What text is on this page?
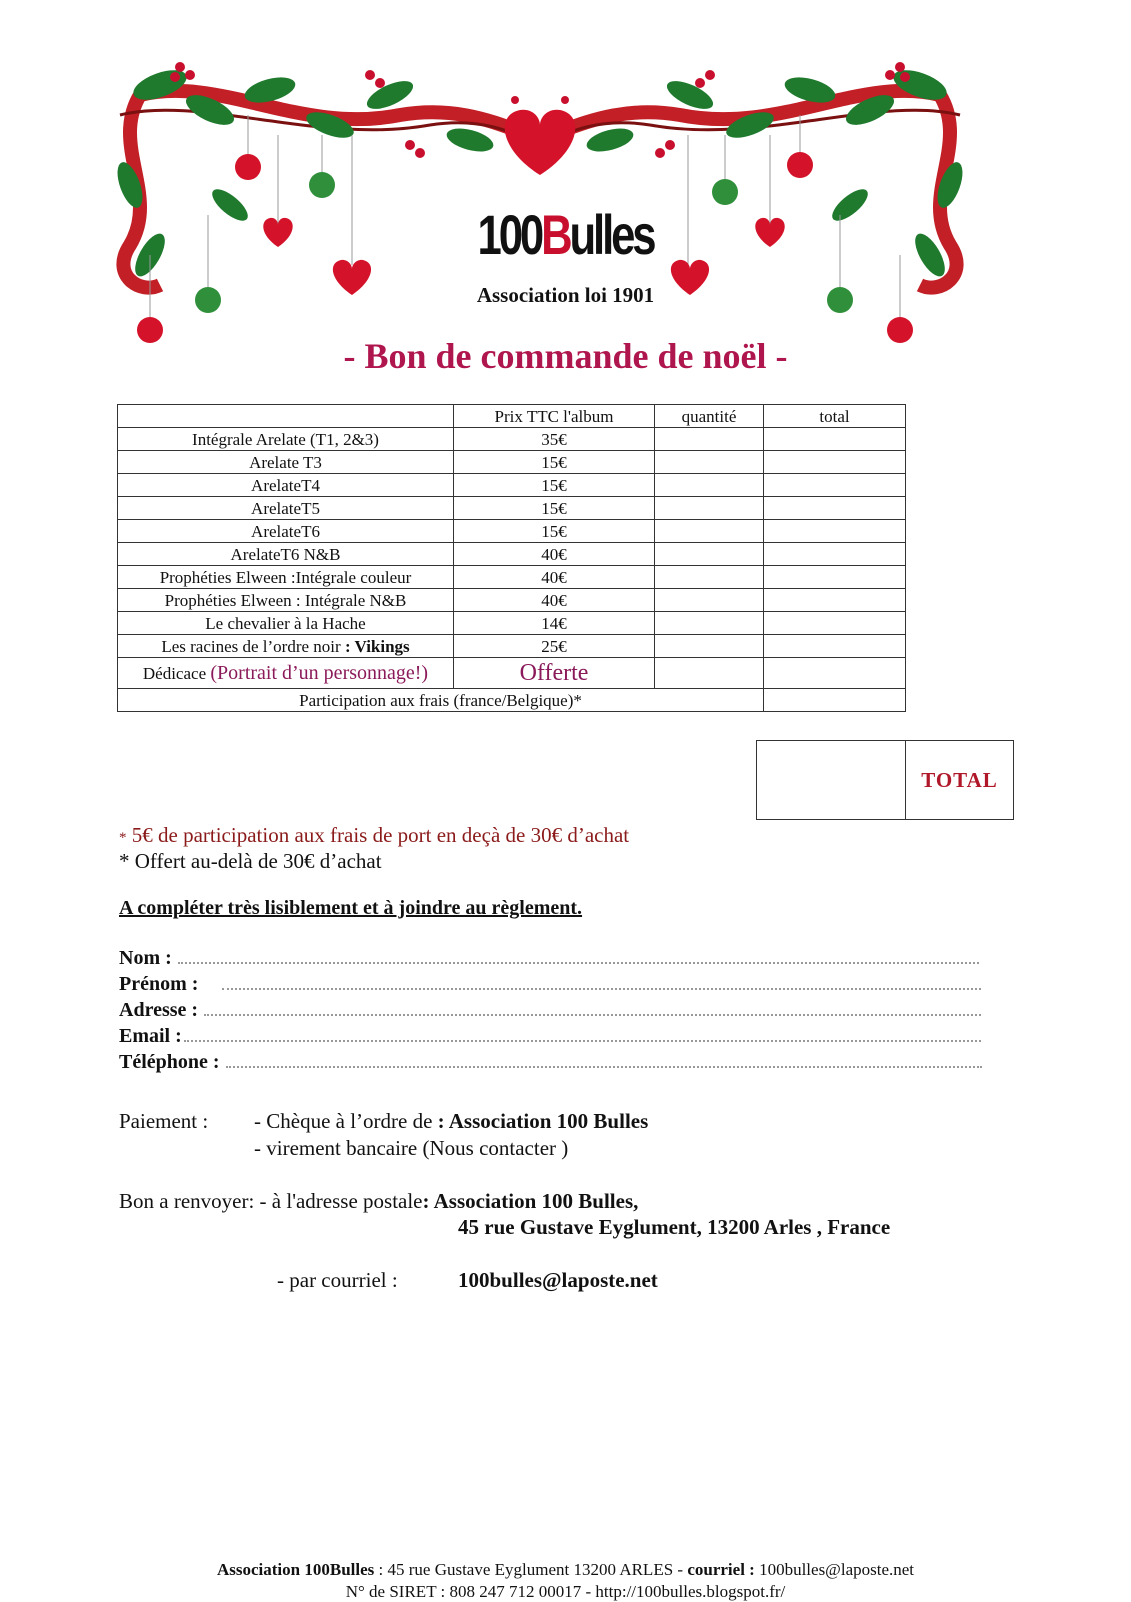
100Bulles
Association loi 1901
- Bon de commande de noël -
	Prix TTC l'album	quantité	total
Intégrale Arelate (T1, 2&3)	35€		
Arelate T3	15€		
ArelateT4	15€		
ArelateT5	15€		
ArelateT6	15€		
ArelateT6 N&B	40€		
Prophéties Elween :Intégrale couleur	40€		
Prophéties Elween : Intégrale N&B	40€		
Le chevalier à la Hache	14€		
Les racines de l’ordre noir : Vikings	25€		
Dédicace (Portrait d’un personnage!)	Offerte		
Participation aux frais (france/Belgique)*			
	TOTAL
* 5€ de participation aux frais de port en deçà de 30€ d’achat
* Offert au-delà de 30€ d’achat
A compléter très lisiblement et à joindre au règlement.
Nom :
Prénom :
Adresse :
Email :
Téléphone :
Paiement : - Chèque à l’ordre de : Association 100 Bulles
- virement bancaire (Nous contacter )
Bon a renvoyer: - à l'adresse postale: Association 100 Bulles,
45 rue Gustave Eyglument, 13200 Arles , France
- par courriel :	100bulles@laposte.net
Association 100Bulles : 45 rue Gustave Eyglument 13200 ARLES - courriel : 100bulles@laposte.net
N° de SIRET : 808 247 712 00017 - http://100bulles.blogspot.fr/
